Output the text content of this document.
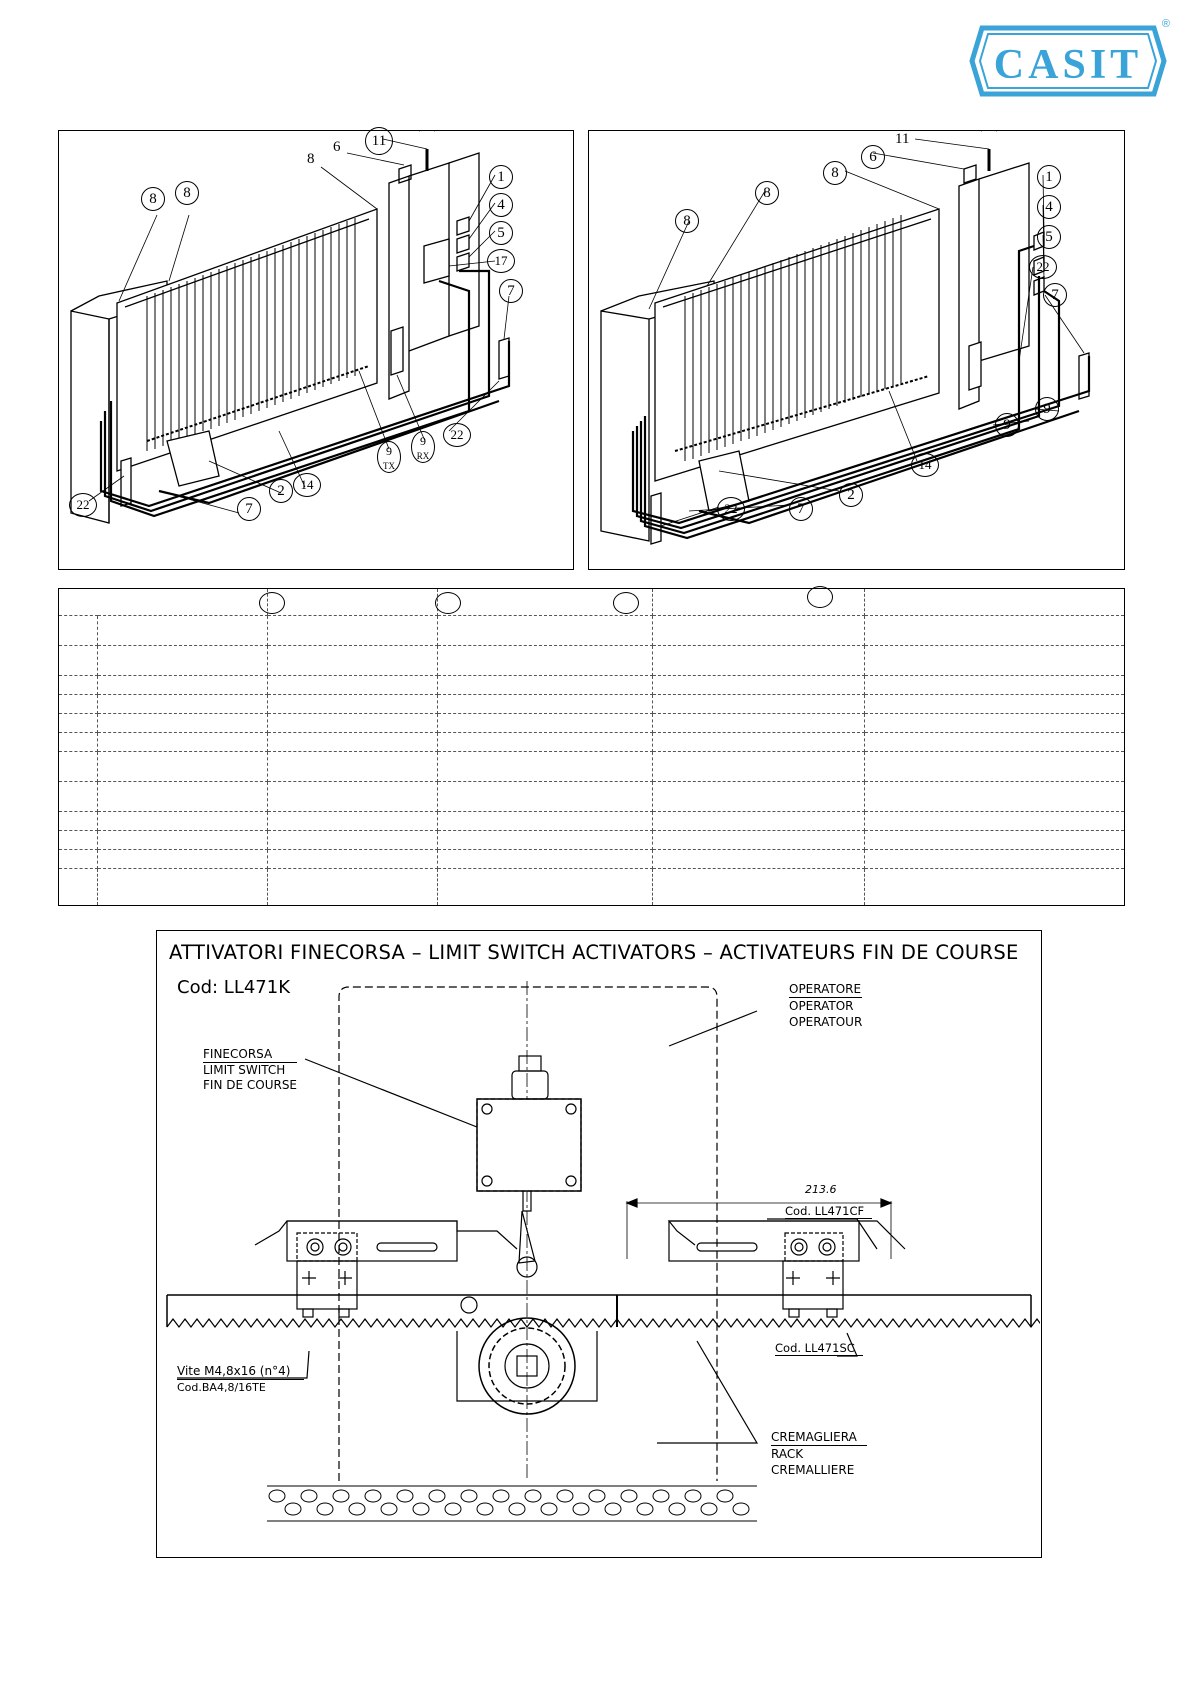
CASIT
®
11
6
8
8	8
1
4
5
17
7
7
22
22
2	14
9
TX
9
RX
11
6
8
8
8
1
4
5
22
7
9
9
14
2
7
22

ATTIVATORI FINECORSA – LIMIT SWITCH ACTIVATORS – ACTIVATEURS FIN DE COURSE
Cod: LL471K	OPERATORE
OPERATOR
OPERATOUR
FINECORSA
LIMIT SWITCH
FIN DE COURSE
213.6
Cod. LL471CF
Cod. LL471SC
Vite M4,8x16 (n°4)
Cod.BA4,8/16TE
CREMAGLIERA
RACK
CREMALLIERE
